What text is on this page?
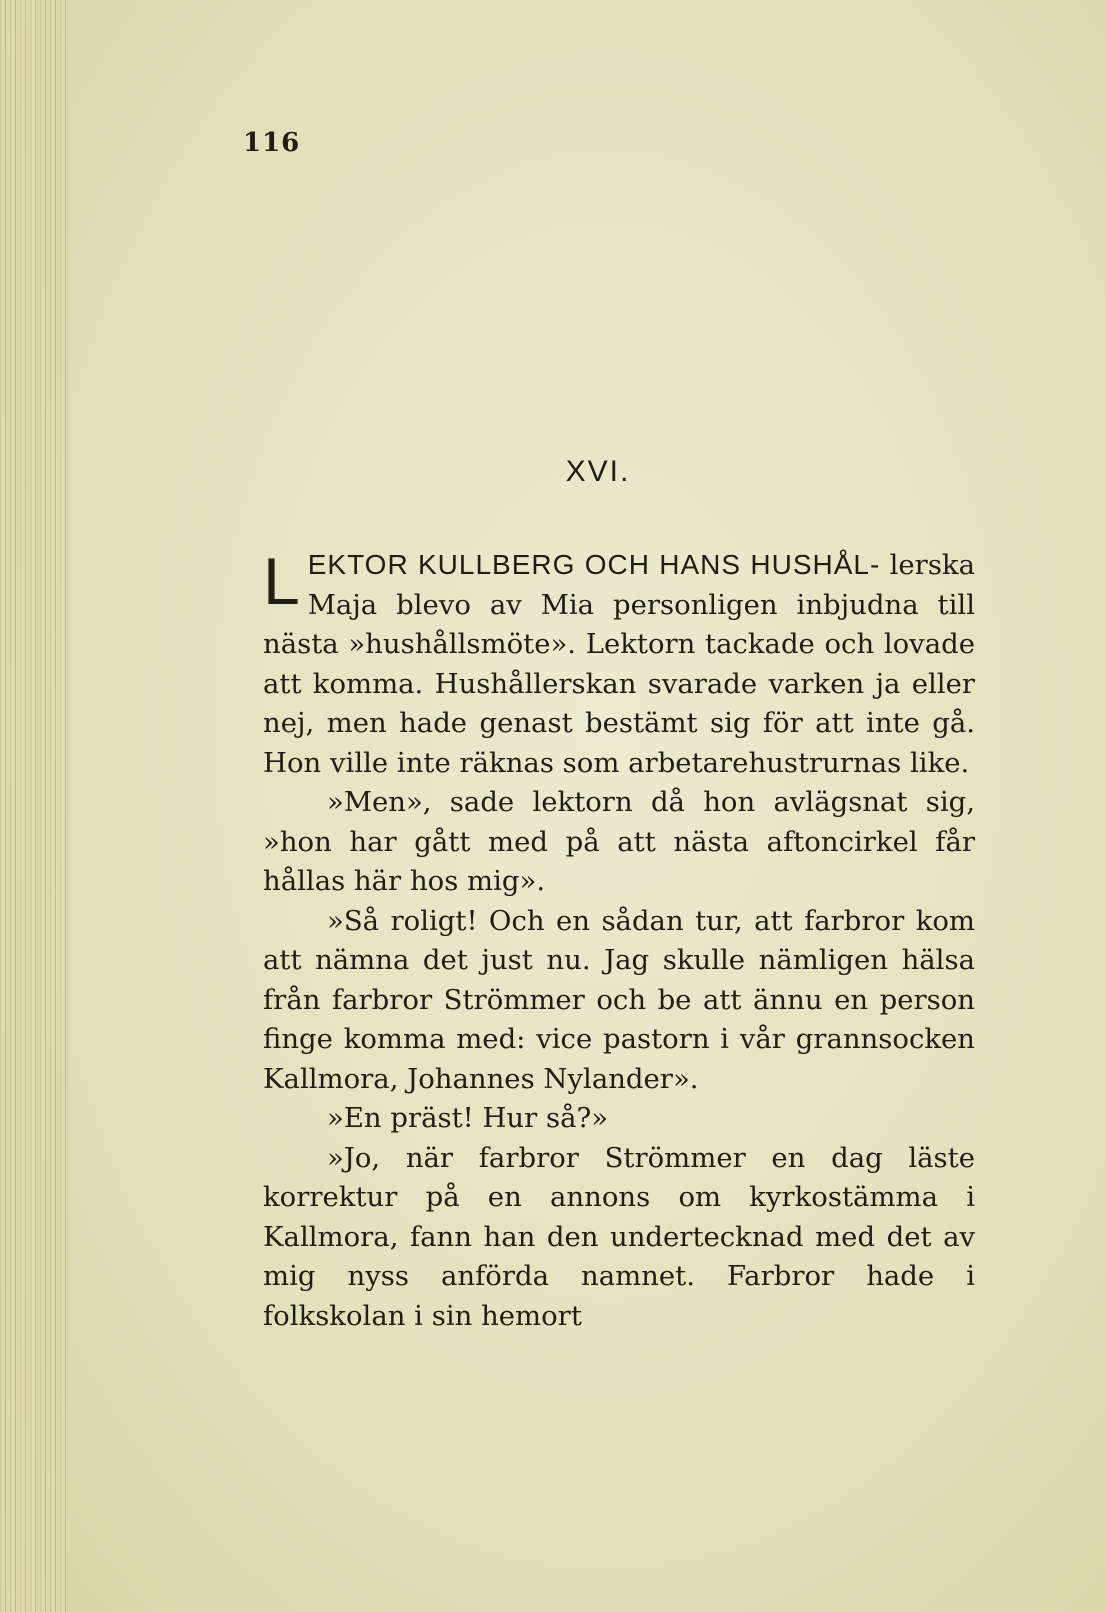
116
XVI.

LEKTOR KULLBERG OCH HANS HUSHÅL- lerska Maja blevo av Mia personligen inbjudna till nästa »hushållsmöte». Lektorn tackade och lovade att komma. Hushållerskan svarade varken ja eller nej, men hade genast bestämt sig för att inte gå. Hon ville inte räknas som arbetarehustrurnas like.

»Men», sade lektorn då hon avlägsnat sig, »hon har gått med på att nästa aftoncirkel får hållas här hos mig».

»Så roligt! Och en sådan tur, att farbror kom att nämna det just nu. Jag skulle nämligen hälsa från farbror Strömmer och be att ännu en person finge komma med: vice pastorn i vår grannsocken Kallmora, Johannes Nylander».

»En präst! Hur så?»

»Jo, när farbror Strömmer en dag läste korrektur på en annons om kyrkostämma i Kallmora, fann han den undertecknad med det av mig nyss anförda namnet. Farbror hade i folkskolan i sin hemort
